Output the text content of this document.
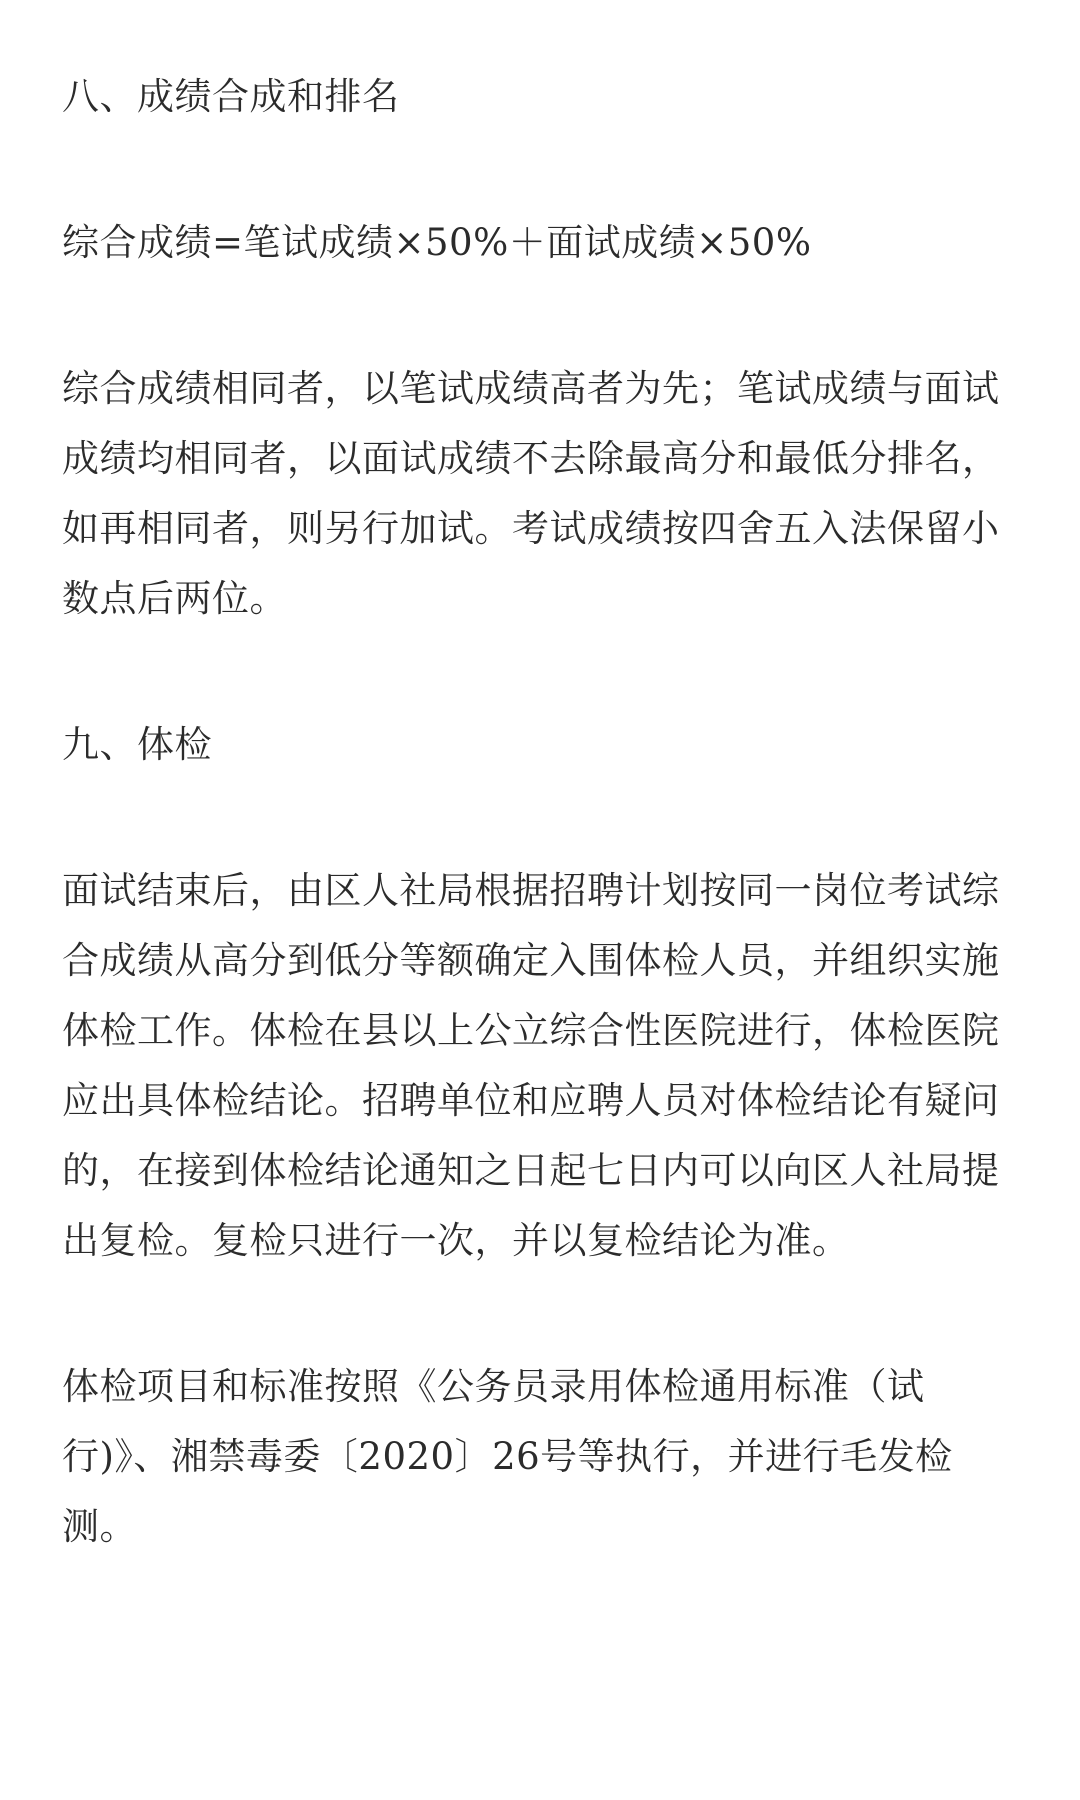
八、成绩合成和排名

综合成绩=笔试成绩×50%＋面试成绩×50%

综合成绩相同者，以笔试成绩高者为先；笔试成绩与面试成绩均相同者，以面试成绩不去除最高分和最低分排名，如再相同者，则另行加试。考试成绩按四舍五入法保留小数点后两位。

九、体检

面试结束后，由区人社局根据招聘计划按同一岗位考试综合成绩从高分到低分等额确定入围体检人员，并组织实施体检工作。体检在县以上公立综合性医院进行，体检医院应出具体检结论。招聘单位和应聘人员对体检结论有疑问的，在接到体检结论通知之日起七日内可以向区人社局提出复检。复检只进行一次，并以复检结论为准。

体检项目和标准按照《公务员录用体检通用标准（试行)》、湘禁毒委〔2020〕26号等执行，并进行毛发检测。
